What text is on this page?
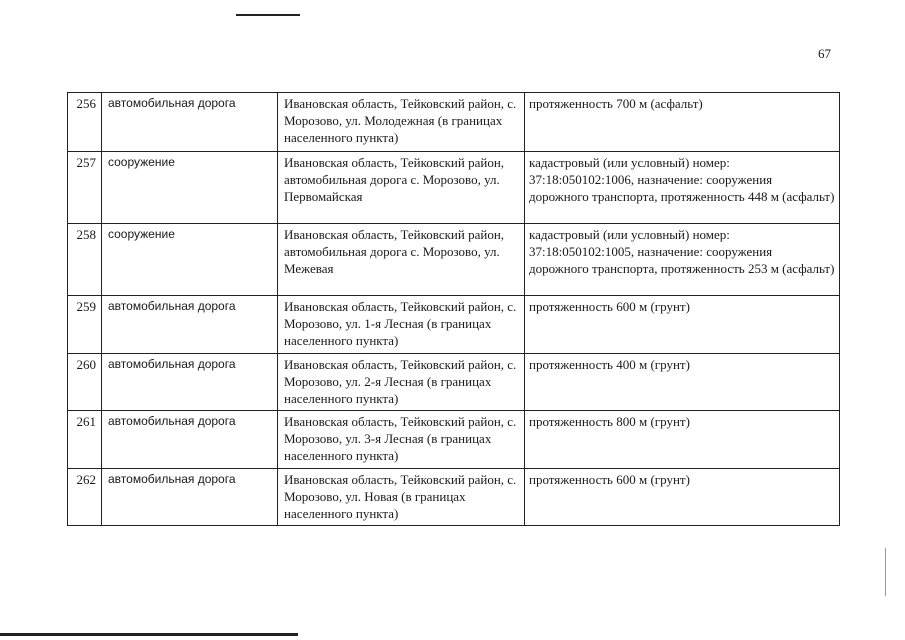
67
256	автомобильная дорога	Ивановская область, Тейковский район, с. Морозово, ул. Молодежная (в границах населенного пункта)	протяженность 700 м (асфальт)
257	сооружение	Ивановская область, Тейковский район, автомобильная дорога с. Морозово, ул. Первомайская	кадастровый (или условный) номер: 37:18:050102:1006, назначение: сооружения дорожного транспорта, протяженность 448 м (асфальт)
258	сооружение	Ивановская область, Тейковский район, автомобильная дорога с. Морозово, ул. Межевая	кадастровый (или условный) номер: 37:18:050102:1005, назначение: сооружения дорожного транспорта, протяженность 253 м (асфальт)
259	автомобильная дорога	Ивановская область, Тейковский район, с. Морозово, ул. 1-я Лесная (в границах населенного пункта)	протяженность 600 м (грунт)
260	автомобильная дорога	Ивановская область, Тейковский район, с. Морозово, ул. 2-я Лесная (в границах населенного пункта)	протяженность 400 м (грунт)
261	автомобильная дорога	Ивановская область, Тейковский район, с. Морозово, ул. 3-я Лесная (в границах населенного пункта)	протяженность 800 м (грунт)
262	автомобильная дорога	Ивановская область, Тейковский район, с. Морозово, ул. Новая (в границах населенного пункта)	протяженность 600 м (грунт)
